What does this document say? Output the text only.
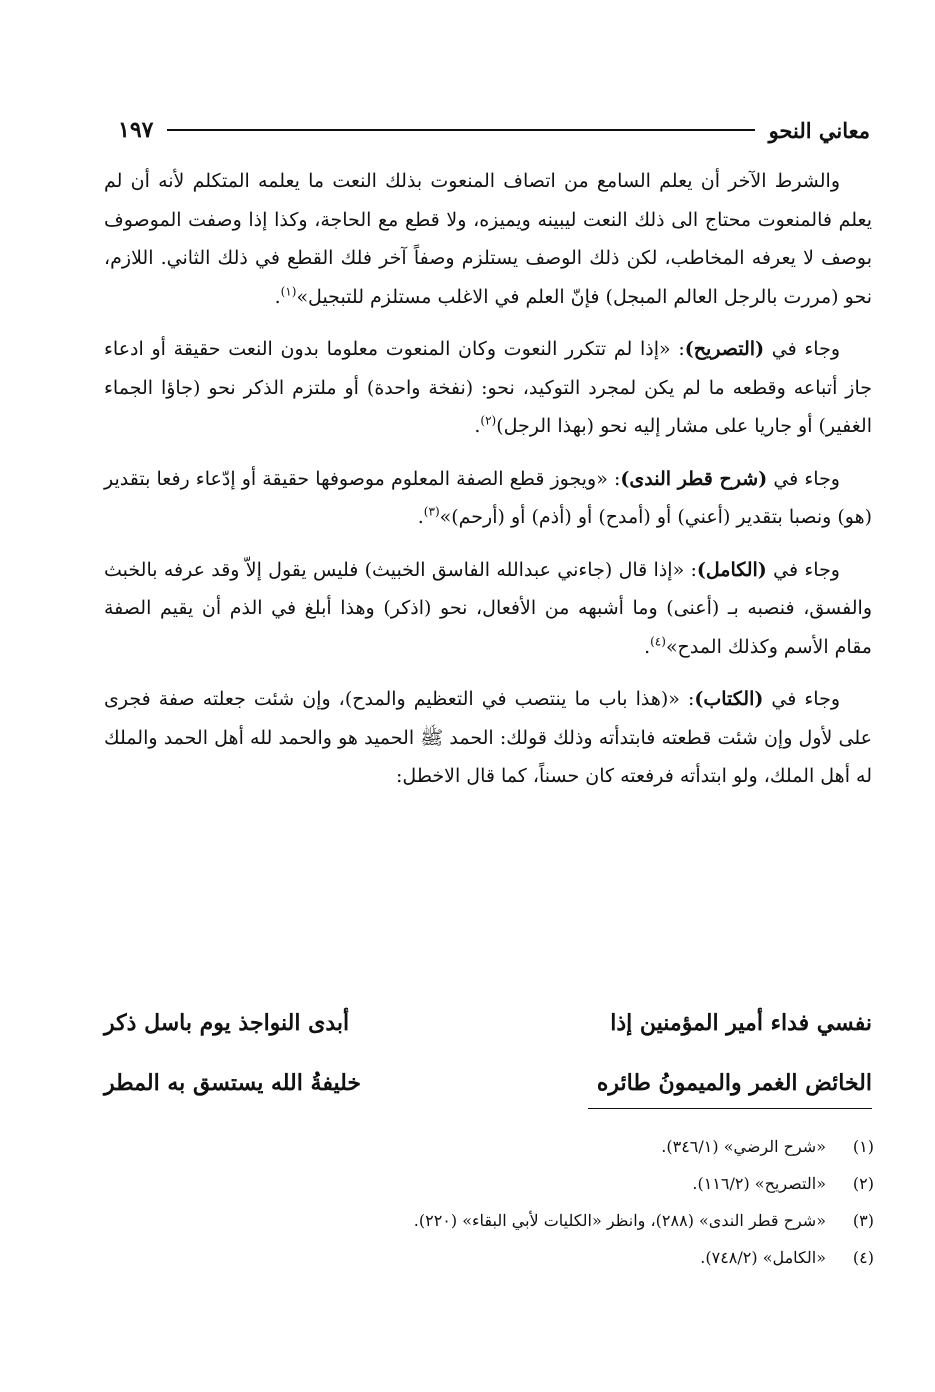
معاني النحو
١٩٧

والشرط الآخر أن يعلم السامع من اتصاف المنعوت بذلك النعت ما يعلمه المتكلم لأنه أن لم يعلم فالمنعوت محتاج الى ذلك النعت ليبينه ويميزه، ولا قطع مع الحاجة، وكذا إذا وصفت الموصوف بوصف لا يعرفه المخاطب، لكن ذلك الوصف يستلزم وصفاً آخر فلك القطع في ذلك الثاني. اللازم، نحو (مررت بالرجل العالم المبجل) فإنّ العلم في الاغلب مستلزم للتبجيل»$^{(١)}$.

وجاء في (التصريح): «إذا لم تتكرر النعوت وكان المنعوت معلوما بدون النعت حقيقة أو ادعاء جاز أتباعه وقطعه ما لم يكن لمجرد التوكيد، نحو: (نفخة واحدة) أو ملتزم الذكر نحو (جاؤا الجماء الغفير) أو جاريا على مشار إليه نحو (بهذا الرجل)$^{(٢)}$.

وجاء في (شرح قطر الندى): «ويجوز قطع الصفة المعلوم موصوفها حقيقة أو إدّعاء رفعا بتقدير (هو) ونصبا بتقدير (أعني) أو (أمدح) أو (أذم) أو (أرحم)»$^{(٣)}$.

وجاء في (الكامل): «إذا قال (جاءني عبدالله الفاسق الخبيث) فليس يقول إلاّ وقد عرفه بالخبث والفسق، فنصبه بـ (أعنى) وما أشبهه من الأفعال، نحو (اذكر) وهذا أبلغ في الذم أن يقيم الصفة مقام الأسم وكذلك المدح»$^{(٤)}$.

وجاء في (الكتاب): «(هذا باب ما ينتصب في التعظيم والمدح)، وإن شئت جعلته صفة فجرى على لأول وإن شئت قطعته فابتدأته وذلك قولك: الحمد ﷺ الحميد هو والحمد لله أهل الحمد والملك له أهل الملك، ولو ابتدأته فرفعته كان حسناً، كما قال الاخطل:

نفسي فداء أمير المؤمنين إذا
أبدى النواجذ يوم باسل ذكر
الخائض الغمر والميمونُ طائره
خليفةُ الله يستسق به المطر
(١)
«شرح الرضي» (٣٤٦/١).
(٢)
«التصريح» (١١٦/٢).
(٣)
«شرح قطر الندى» (٢٨٨)، وانظر «الكليات لأبي البقاء» (٢٢٠).
(٤)
«الكامل» (٧٤٨/٢).
